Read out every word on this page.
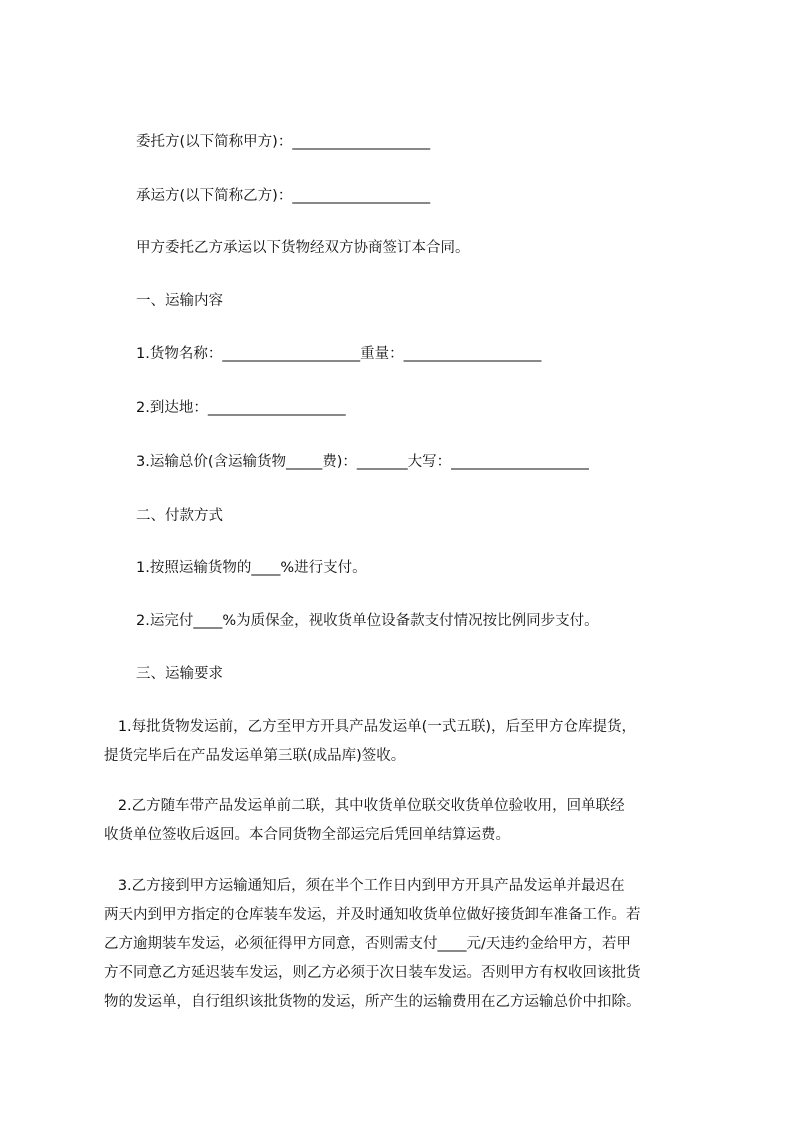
委托方(以下简称甲方)：___________________
承运方(以下简称乙方)：___________________
甲方委托乙方承运以下货物经双方协商签订本合同。
一、运输内容
1.货物名称：___________________重量：___________________
2.到达地：___________________
3.运输总价(含运输货物_____费)：_______大写：___________________
二、付款方式
1.按照运输货物的____%进行支付。
2.运完付____%为质保金，视收货单位设备款支付情况按比例同步支付。
三、运输要求
1.每批货物发运前，乙方至甲方开具产品发运单(一式五联)，后至甲方仓库提货，
提货完毕后在产品发运单第三联(成品库)签收。
2.乙方随车带产品发运单前二联，其中收货单位联交收货单位验收用，回单联经
收货单位签收后返回。本合同货物全部运完后凭回单结算运费。
3.乙方接到甲方运输通知后，须在半个工作日内到甲方开具产品发运单并最迟在
两天内到甲方指定的仓库装车发运，并及时通知收货单位做好接货卸车准备工作。若
乙方逾期装车发运，必须征得甲方同意，否则需支付____元/天违约金给甲方，若甲
方不同意乙方延迟装车发运，则乙方必须于次日装车发运。否则甲方有权收回该批货
物的发运单，自行组织该批货物的发运，所产生的运输费用在乙方运输总价中扣除。
